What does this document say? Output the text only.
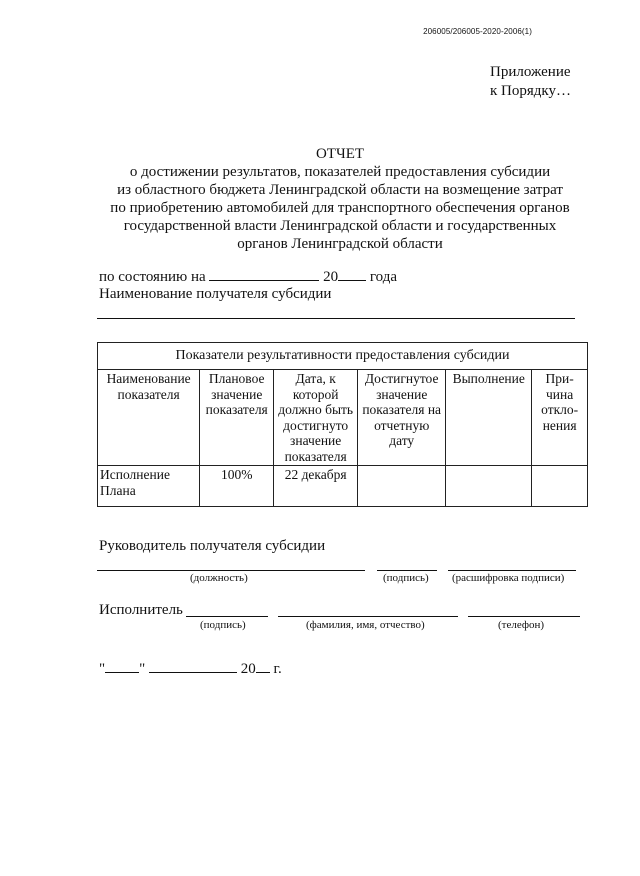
206005/206005-2020-2006(1)
Приложение
к Порядку…
ОТЧЕТ
о достижении результатов, показателей предоставления субсидии
из областного бюджета Ленинградской области на возмещение затрат
по приобретению автомобилей для транспортного обеспечения органов
государственной власти Ленинградской области и государственных
органов Ленинградской области
по состоянию на	20 года
Наименование получателя субсидии
Показатели результативности предоставления субсидии					
Наименование показателя	Плановое значение показателя	Дата, к которой должно быть достигнуто значение показателя	Достигнутое значение показателя на отчетную дату	Выполнение	При-чина откло-нения
Исполнение Плана	100%	22 декабря			
Руководитель получателя субсидии
(должность)	(подпись) (расшифровка подписи)
Исполнитель
(подпись)	(фамилия, имя, отчество)	(телефон)
" "	20 г.
